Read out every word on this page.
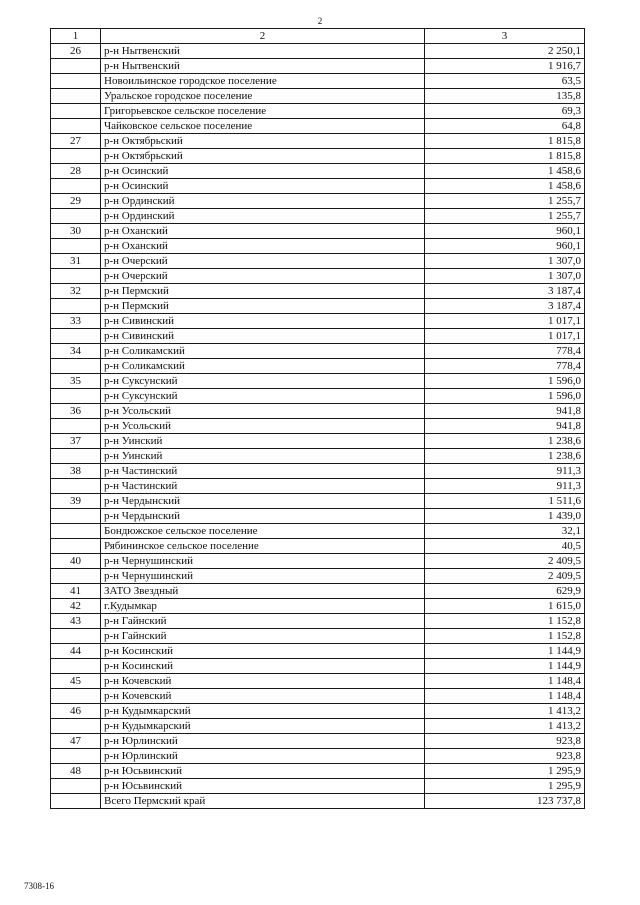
2
1	2	3
26	р-н Нытвенский	2 250,1
	р-н Нытвенский	1 916,7
	Новоильинское городское поселение	63,5
	Уральское городское поселение	135,8
	Григорьевское сельское поселение	69,3
	Чайковское сельское поселение	64,8
27	р-н Октябрьский	1 815,8
	р-н Октябрьский	1 815,8
28	р-н Осинский	1 458,6
	р-н Осинский	1 458,6
29	р-н Ординский	1 255,7
	р-н Ординский	1 255,7
30	р-н Оханский	960,1
	р-н Оханский	960,1
31	р-н Очерский	1 307,0
	р-н Очерский	1 307,0
32	р-н Пермский	3 187,4
	р-н Пермский	3 187,4
33	р-н Сивинский	1 017,1
	р-н Сивинский	1 017,1
34	р-н Соликамский	778,4
	р-н Соликамский	778,4
35	р-н Суксунский	1 596,0
	р-н Суксунский	1 596,0
36	р-н Усольский	941,8
	р-н Усольский	941,8
37	р-н Уинский	1 238,6
	р-н Уинский	1 238,6
38	р-н Частинский	911,3
	р-н Частинский	911,3
39	р-н Чердынский	1 511,6
	р-н Чердынский	1 439,0
	Бондюжское сельское поселение	32,1
	Рябининское сельское поселение	40,5
40	р-н Чернушинский	2 409,5
	р-н Чернушинский	2 409,5
41	ЗАТО Звездный	629,9
42	г.Кудымкар	1 615,0
43	р-н Гайнский	1 152,8
	р-н Гайнский	1 152,8
44	р-н Косинский	1 144,9
	р-н Косинский	1 144,9
45	р-н Кочевский	1 148,4
	р-н Кочевский	1 148,4
46	р-н Кудымкарский	1 413,2
	р-н Кудымкарский	1 413,2
47	р-н Юрлинский	923,8
	р-н Юрлинский	923,8
48	р-н Юсьвинский	1 295,9
	р-н Юсьвинский	1 295,9
	Всего Пермский край	123 737,8
7308-16
